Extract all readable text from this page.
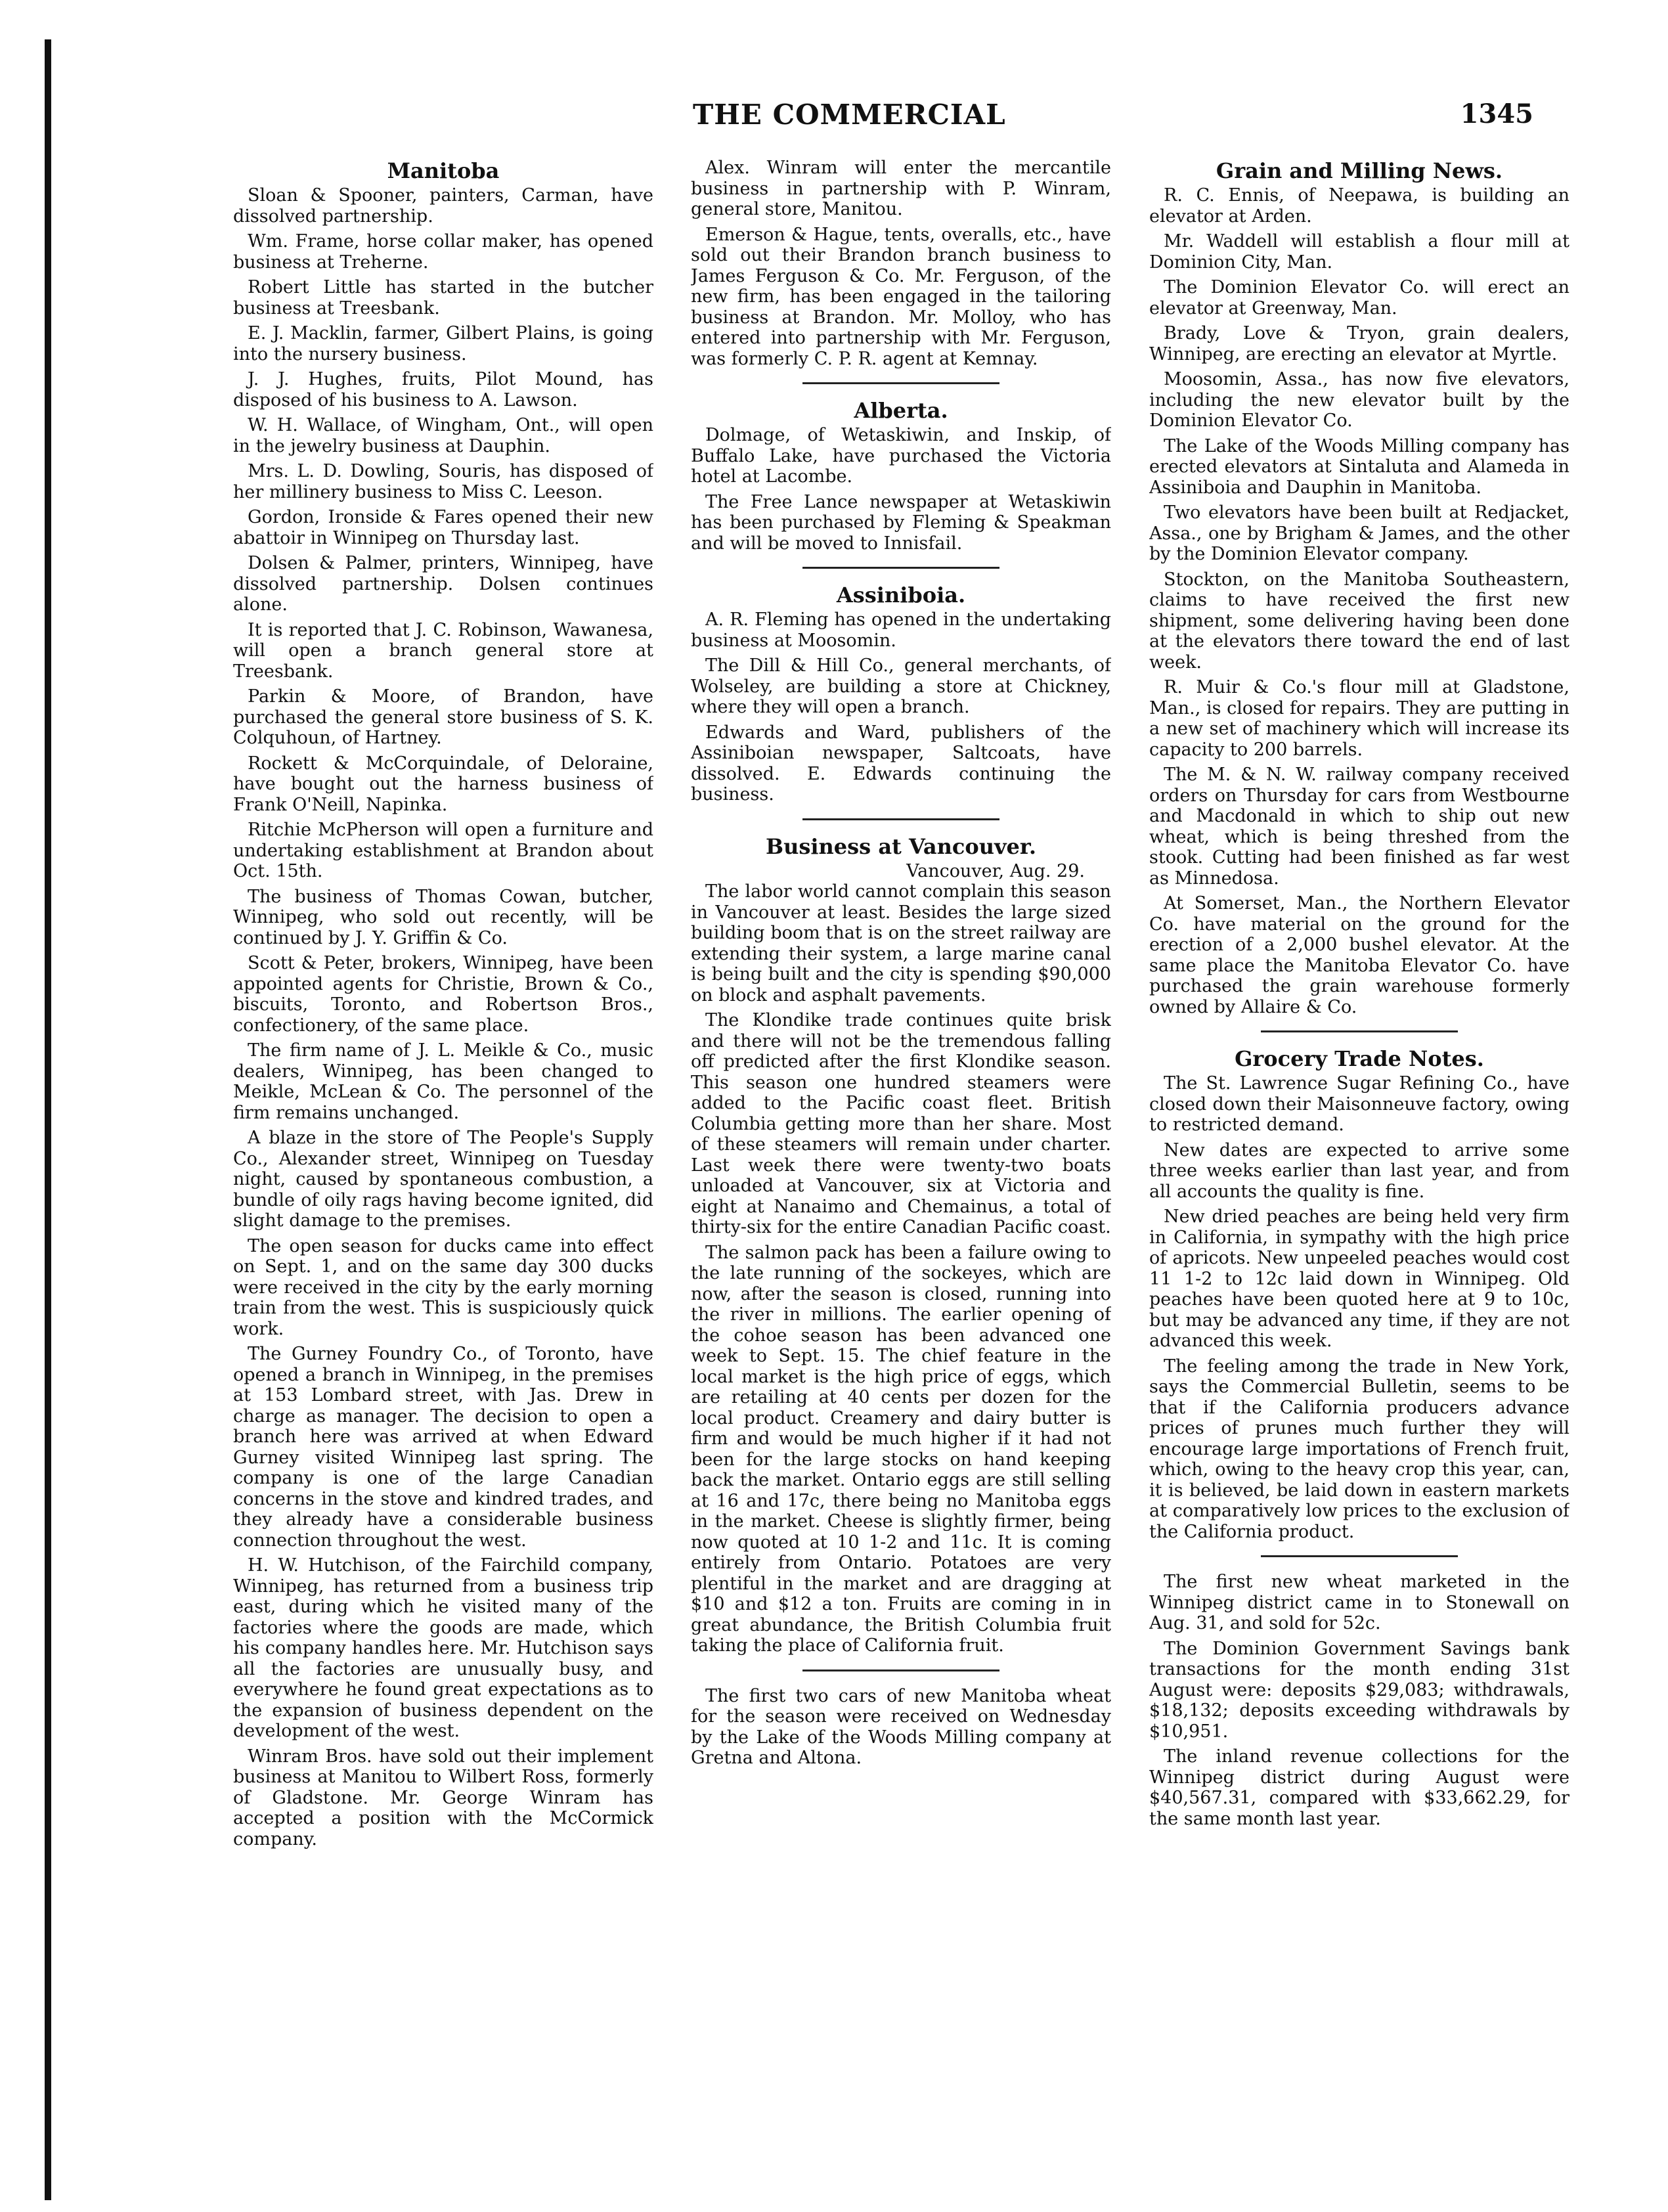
THE COMMERCIAL	1345
Manitoba

Sloan & Spooner, painters, Carman, have dissolved partnership.

Wm. Frame, horse collar maker, has opened business at Treherne.

Robert Little has started in the butcher business at Treesbank.

E. J. Macklin, farmer, Gilbert Plains, is going into the nursery business.

J. J. Hughes, fruits, Pilot Mound, has disposed of his business to A. Lawson.

W. H. Wallace, of Wingham, Ont., will open in the jewelry business at Dauphin.

Mrs. L. D. Dowling, Souris, has disposed of her millinery business to Miss C. Leeson.

Gordon, Ironside & Fares opened their new abattoir in Winnipeg on Thursday last.

Dolsen & Palmer, printers, Winnipeg, have dissolved partnership. Dolsen continues alone.

It is reported that J. C. Robinson, Wawanesa, will open a branch general store at Treesbank.

Parkin & Moore, of Brandon, have purchased the general store business of S. K. Colquhoun, of Hartney.

Rockett & McCorquindale, of Deloraine, have bought out the harness business of Frank O'Neill, Napinka.

Ritchie McPherson will open a furniture and undertaking establishment at Brandon about Oct. 15th.

The business of Thomas Cowan, butcher, Winnipeg, who sold out recently, will be continued by J. Y. Griffin & Co.

Scott & Peter, brokers, Winnipeg, have been appointed agents for Christie, Brown & Co., biscuits, Toronto, and Robertson Bros., confectionery, of the same place.

The firm name of J. L. Meikle & Co., music dealers, Winnipeg, has been changed to Meikle, McLean & Co. The personnel of the firm remains unchanged.

A blaze in the store of The People's Supply Co., Alexander street, Winnipeg on Tuesday night, caused by spontaneous combustion, a bundle of oily rags having become ignited, did slight damage to the premises.

The open season for ducks came into effect on Sept. 1, and on the same day 300 ducks were received in the city by the early morning train from the west. This is suspiciously quick work.

The Gurney Foundry Co., of Toronto, have opened a branch in Winnipeg, in the premises at 153 Lombard street, with Jas. Drew in charge as manager. The decision to open a branch here was arrived at when Edward Gurney visited Winnipeg last spring. The company is one of the large Canadian concerns in the stove and kindred trades, and they already have a considerable business connection throughout the west.

H. W. Hutchison, of the Fairchild company, Winnipeg, has returned from a business trip east, during which he visited many of the factories where the goods are made, which his company handles here. Mr. Hutchison says all the factories are unusually busy, and everywhere he found great expectations as to the expansion of business dependent on the development of the west.

Winram Bros. have sold out their implement business at Manitou to Wilbert Ross, formerly of Gladstone. Mr. George Winram has accepted a position with the McCormick company.

Alex. Winram will enter the mercantile business in partnership with P. Winram, general store, Manitou.

Emerson & Hague, tents, overalls, etc., have sold out their Brandon branch business to James Ferguson & Co. Mr. Ferguson, of the new firm, has been engaged in the tailoring business at Brandon. Mr. Molloy, who has entered into partnership with Mr. Ferguson, was formerly C. P. R. agent at Kemnay.

Alberta.

Dolmage, of Wetaskiwin, and Inskip, of Buffalo Lake, have purchased the Victoria hotel at Lacombe.

The Free Lance newspaper at Wetaskiwin has been purchased by Fleming & Speakman and will be moved to Innisfail.

Assiniboia.

A. R. Fleming has opened in the undertaking business at Moosomin.

The Dill & Hill Co., general merchants, of Wolseley, are building a store at Chickney, where they will open a branch.

Edwards and Ward, publishers of the Assiniboian newspaper, Saltcoats, have dissolved. E. Edwards continuing the business.

Business at Vancouver.

Vancouver, Aug. 29.

The labor world cannot complain this season in Vancouver at least. Besides the large sized building boom that is on the street railway are extending their system, a large marine canal is being built and the city is spending $90,000 on block and asphalt pavements.

The Klondike trade continues quite brisk and there will not be the tremendous falling off predicted after the first Klondike season. This season one hundred steamers were added to the Pacific coast fleet. British Columbia getting more than her share. Most of these steamers will remain under charter. Last week there were twenty-two boats unloaded at Vancouver, six at Victoria and eight at Nanaimo and Chemainus, a total of thirty-six for the entire Canadian Pacific coast.

The salmon pack has been a failure owing to the late running of the sockeyes, which are now, after the season is closed, running into the river in millions. The earlier opening of the cohoe season has been advanced one week to Sept. 15. The chief feature in the local market is the high price of eggs, which are retailing at 40 cents per dozen for the local product. Creamery and dairy butter is firm and would be much higher if it had not been for the large stocks on hand keeping back the market. Ontario eggs are still selling at 16 and 17c, there being no Manitoba eggs in the market. Cheese is slightly firmer, being now quoted at 10 1-2 and 11c. It is coming entirely from Ontario. Potatoes are very plentiful in the market and are dragging at $10 and $12 a ton. Fruits are coming in in great abundance, the British Columbia fruit taking the place of California fruit.

The first two cars of new Manitoba wheat for the season were received on Wednesday by the Lake of the Woods Milling company at Gretna and Altona.

Grain and Milling News.

R. C. Ennis, of Neepawa, is building an elevator at Arden.

Mr. Waddell will establish a flour mill at Dominion City, Man.

The Dominion Elevator Co. will erect an elevator at Greenway, Man.

Brady, Love & Tryon, grain dealers, Winnipeg, are erecting an elevator at Myrtle.

Moosomin, Assa., has now five elevators, including the new elevator built by the Dominion Elevator Co.

The Lake of the Woods Milling company has erected elevators at Sintaluta and Alameda in Assiniboia and Dauphin in Manitoba.

Two elevators have been built at Redjacket, Assa., one by Brigham & James, and the other by the Dominion Elevator company.

Stockton, on the Manitoba Southeastern, claims to have received the first new shipment, some delivering having been done at the elevators there toward the end of last week.

R. Muir & Co.'s flour mill at Gladstone, Man., is closed for repairs. They are putting in a new set of machinery which will increase its capacity to 200 barrels.

The M. & N. W. railway company received orders on Thursday for cars from Westbourne and Macdonald in which to ship out new wheat, which is being threshed from the stook. Cutting had been finished as far west as Minnedosa.

At Somerset, Man., the Northern Elevator Co. have material on the ground for the erection of a 2,000 bushel elevator. At the same place the Manitoba Elevator Co. have purchased the grain warehouse formerly owned by Allaire & Co.

Grocery Trade Notes.

The St. Lawrence Sugar Refining Co., have closed down their Maisonneuve factory, owing to restricted demand.

New dates are expected to arrive some three weeks earlier than last year, and from all accounts the quality is fine.

New dried peaches are being held very firm in California, in sympathy with the high price of apricots. New unpeeled peaches would cost 11 1-2 to 12c laid down in Winnipeg. Old peaches have been quoted here at 9 to 10c, but may be advanced any time, if they are not advanced this week.

The feeling among the trade in New York, says the Commercial Bulletin, seems to be that if the California producers advance prices of prunes much further they will encourage large importations of French fruit, which, owing to the heavy crop this year, can, it is believed, be laid down in eastern markets at comparatively low prices to the exclusion of the California product.

The first new wheat marketed in the Winnipeg district came in to Stonewall on Aug. 31, and sold for 52c.

The Dominion Government Savings bank transactions for the month ending 31st August were: deposits $29,083; withdrawals, $18,132; deposits exceeding withdrawals by $10,951.

The inland revenue collections for the Winnipeg district during August were $40,567.31, compared with $33,662.29, for the same month last year.
